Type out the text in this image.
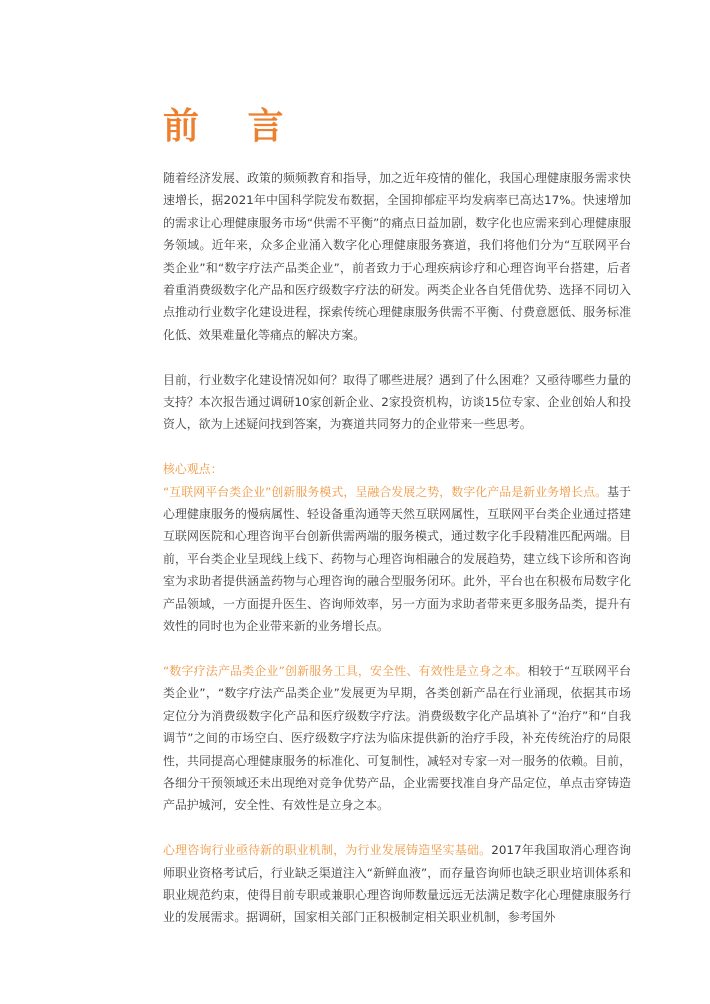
前 言

随着经济发展、政策的频频教育和指导，加之近年疫情的催化，我国心理健康服务需求快速增长，据2021年中国科学院发布数据，全国抑郁症平均发病率已高达17%。快速增加的需求让心理健康服务市场“供需不平衡”的痛点日益加剧，数字化也应需来到心理健康服务领域。近年来，众多企业涌入数字化心理健康服务赛道，我们将他们分为“互联网平台类企业”和“数字疗法产品类企业”，前者致力于心理疾病诊疗和心理咨询平台搭建，后者着重消费级数字化产品和医疗级数字疗法的研发。两类企业各自凭借优势、选择不同切入点推动行业数字化建设进程，探索传统心理健康服务供需不平衡、付费意愿低、服务标准化低、效果难量化等痛点的解决方案。

目前，行业数字化建设情况如何？取得了哪些进展？遇到了什么困难？又亟待哪些力量的支持？本次报告通过调研10家创新企业、2家投资机构，访谈15位专家、企业创始人和投资人，欲为上述疑问找到答案，为赛道共同努力的企业带来一些思考。

核心观点：
“互联网平台类企业”创新服务模式，呈融合发展之势，数字化产品是新业务增长点。基于心理健康服务的慢病属性、轻设备重沟通等天然互联网属性，互联网平台类企业通过搭建互联网医院和心理咨询平台创新供需两端的服务模式，通过数字化手段精准匹配两端。目前，平台类企业呈现线上线下、药物与心理咨询相融合的发展趋势，建立线下诊所和咨询室为求助者提供涵盖药物与心理咨询的融合型服务闭环。此外，平台也在积极布局数字化产品领域，一方面提升医生、咨询师效率，另一方面为求助者带来更多服务品类，提升有效性的同时也为企业带来新的业务增长点。

“数字疗法产品类企业”创新服务工具，安全性、有效性是立身之本。相较于“互联网平台类企业”，“数字疗法产品类企业”发展更为早期，各类创新产品在行业涌现，依据其市场定位分为消费级数字化产品和医疗级数字疗法。消费级数字化产品填补了“治疗”和“自我调节”之间的市场空白、医疗级数字疗法为临床提供新的治疗手段，补充传统治疗的局限性，共同提高心理健康服务的标准化、可复制性，减轻对专家一对一服务的依赖。目前，各细分干预领域还未出现绝对竞争优势产品，企业需要找准自身产品定位，单点击穿铸造产品护城河，安全性、有效性是立身之本。

心理咨询行业亟待新的职业机制，为行业发展铸造坚实基础。2017年我国取消心理咨询师职业资格考试后，行业缺乏渠道注入“新鲜血液”，而存量咨询师也缺乏职业培训体系和职业规范约束，使得目前专职或兼职心理咨询师数量远远无法满足数字化心理健康服务行业的发展需求。据调研，国家相关部门正积极制定相关职业机制，参考国外
